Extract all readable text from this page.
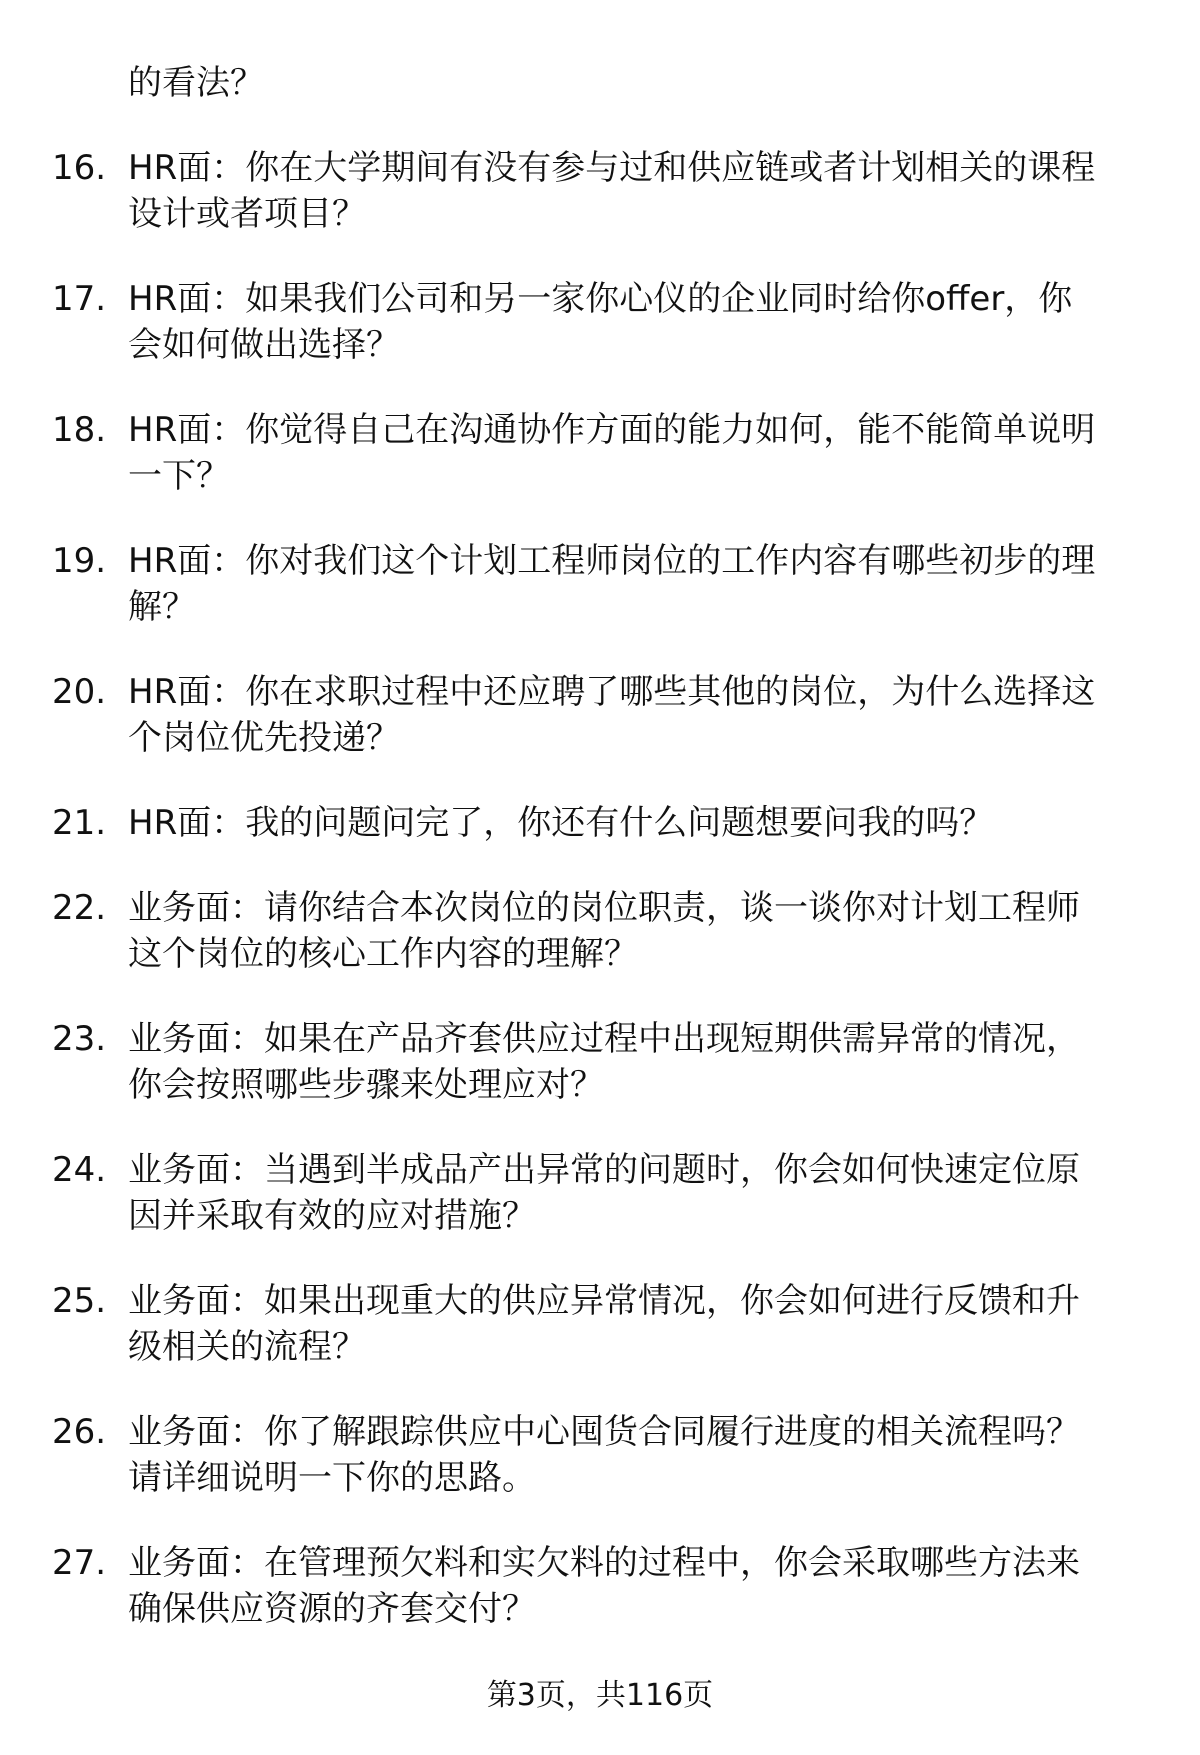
的看法？
16. HR面：你在大学期间有没有参与过和供应链或者计划相关的课程
设计或者项目？
17. HR面：如果我们公司和另一家你心仪的企业同时给你offer，你
会如何做出选择？
18. HR面：你觉得自己在沟通协作方面的能力如何，能不能简单说明
一下？
19. HR面：你对我们这个计划工程师岗位的工作内容有哪些初步的理
解？
20. HR面：你在求职过程中还应聘了哪些其他的岗位，为什么选择这
个岗位优先投递？
21. HR面：我的问题问完了，你还有什么问题想要问我的吗？
22. 业务面：请你结合本次岗位的岗位职责，谈一谈你对计划工程师
这个岗位的核心工作内容的理解？
23. 业务面：如果在产品齐套供应过程中出现短期供需异常的情况，
你会按照哪些步骤来处理应对？
24. 业务面：当遇到半成品产出异常的问题时，你会如何快速定位原
因并采取有效的应对措施？
25. 业务面：如果出现重大的供应异常情况，你会如何进行反馈和升
级相关的流程？
26. 业务面：你了解跟踪供应中心囤货合同履行进度的相关流程吗？
请详细说明一下你的思路。
27. 业务面：在管理预欠料和实欠料的过程中，你会采取哪些方法来
确保供应资源的齐套交付？
第3页，共116页
